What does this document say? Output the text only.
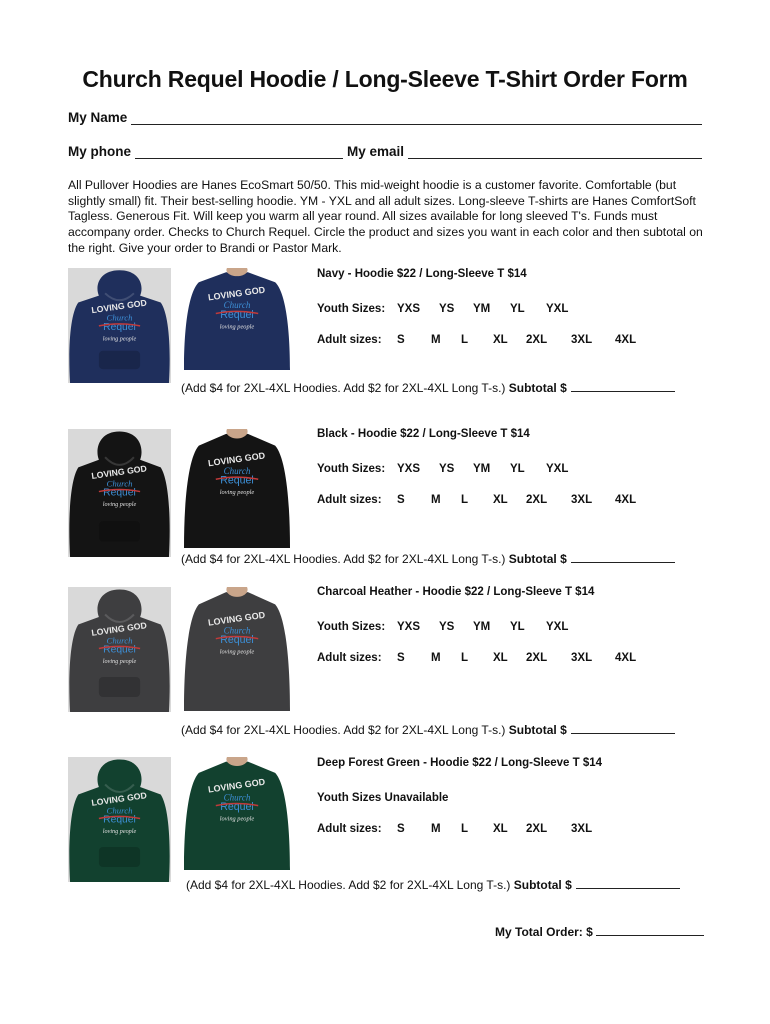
Church Requel Hoodie / Long-Sleeve T-Shirt Order Form
My Name
My phone	My email
All Pullover Hoodies are Hanes EcoSmart 50/50. This mid-weight hoodie is a customer favorite. Comfortable (but slightly small) fit. Their best-selling hoodie. YM - YXL and all adult sizes. Long-sleeve T-shirts are Hanes ComfortSoft Tagless. Generous Fit. Will keep you warm all year round. All sizes available for long sleeved T's. Funds must accompany order. Checks to Church Requel. Circle the product and sizes you want in each color and then subtotal on the right. Give your order to Brandi or Pastor Mark.
LOVING GOD
Church
Requel
loving people
LOVING GOD
Church
Requel
loving people
LOVING GOD
Church
Requel
loving people
LOVING GOD
Church
Requel
loving people
LOVING GOD
Church
Requel
loving people
LOVING GOD
Church
Requel
loving people
LOVING GOD
Church
Requel
loving people
LOVING GOD
Church
Requel
loving people
Navy - Hoodie $22 / Long-Sleeve T $14
Youth Sizes: YXS YS YM YL YXL
Adult sizes: S M L XL 2XL 3XL 4XL
(Add $4 for 2XL-4XL Hoodies. Add $2 for 2XL-4XL Long T-s.) Subtotal $
Black - Hoodie $22 / Long-Sleeve T $14
Youth Sizes: YXS YS YM YL YXL
Adult sizes: S M L XL 2XL 3XL 4XL
(Add $4 for 2XL-4XL Hoodies. Add $2 for 2XL-4XL Long T-s.) Subtotal $
Charcoal Heather - Hoodie $22 / Long-Sleeve T $14
Youth Sizes: YXS YS YM YL YXL
Adult sizes: S M L XL 2XL 3XL 4XL
(Add $4 for 2XL-4XL Hoodies. Add $2 for 2XL-4XL Long T-s.) Subtotal $
Deep Forest Green - Hoodie $22 / Long-Sleeve T $14
Youth Sizes Unavailable
Adult sizes: S M L XL 2XL 3XL
(Add $4 for 2XL-4XL Hoodies. Add $2 for 2XL-4XL Long T-s.) Subtotal $
My Total Order: $
